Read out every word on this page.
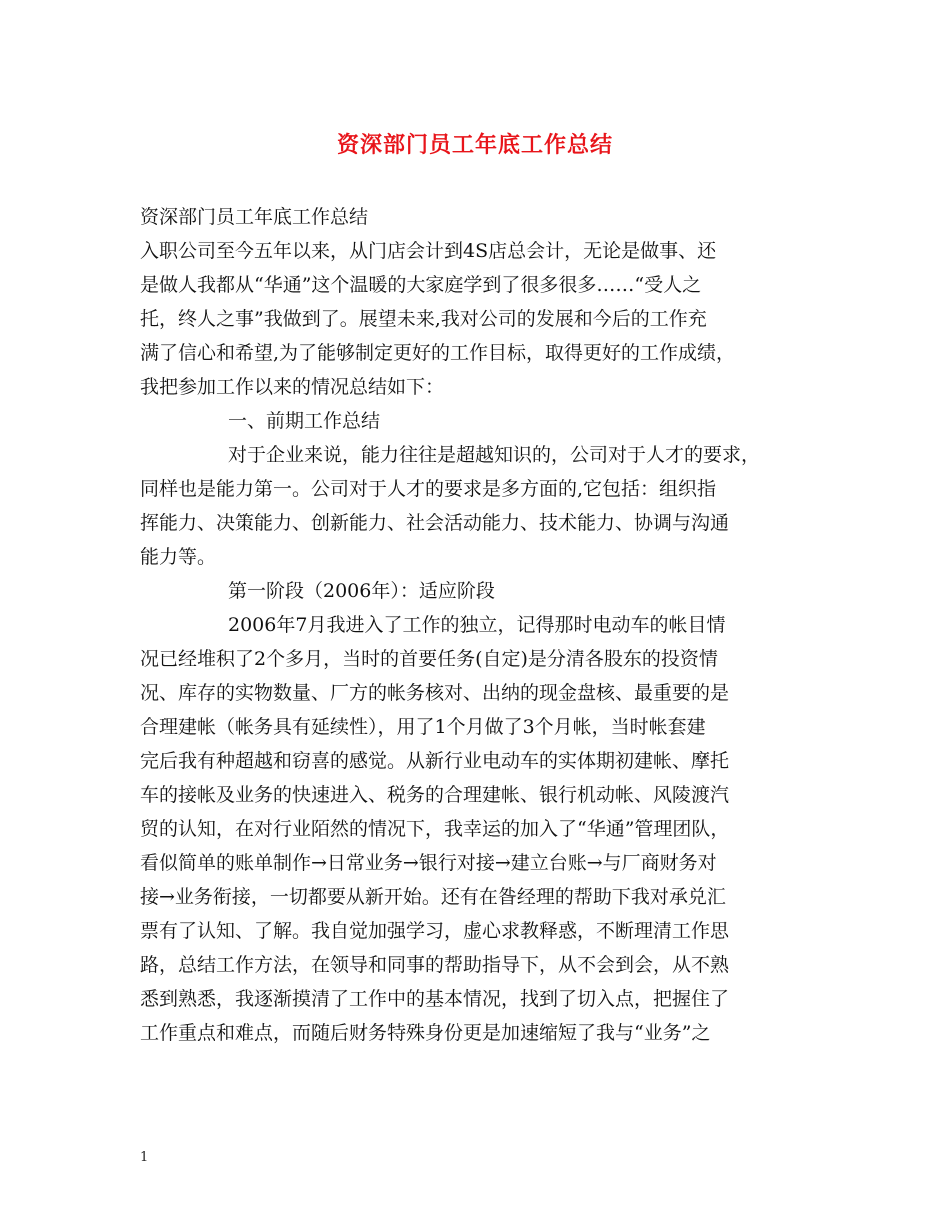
资深部门员工年底工作总结
资深部门员工年底工作总结
入职公司至今五年以来，从门店会计到4S店总会计，无论是做事、还
是做人我都从“华通”这个温暖的大家庭学到了很多很多……“受人之
托，终人之事”我做到了。展望未来,我对公司的发展和今后的工作充
满了信心和希望,为了能够制定更好的工作目标，取得更好的工作成绩，
我把参加工作以来的情况总结如下：
一、前期工作总结
对于企业来说，能力往往是超越知识的，公司对于人才的要求，
同样也是能力第一。公司对于人才的要求是多方面的,它包括：组织指
挥能力、决策能力、创新能力、社会活动能力、技术能力、协调与沟通
能力等。
第一阶段（2006年）：适应阶段
2006年7月我进入了工作的独立，记得那时电动车的帐目情
况已经堆积了2个多月，当时的首要任务(自定)是分清各股东的投资情
况、库存的实物数量、厂方的帐务核对、出纳的现金盘核、最重要的是
合理建帐（帐务具有延续性），用了1个月做了3个月帐，当时帐套建
完后我有种超越和窃喜的感觉。从新行业电动车的实体期初建帐、摩托
车的接帐及业务的快速进入、税务的合理建帐、银行机动帐、风陵渡汽
贸的认知，在对行业陌然的情况下，我幸运的加入了“华通”管理团队，
看似简单的账单制作→日常业务→银行对接→建立台账→与厂商财务对
接→业务衔接，一切都要从新开始。还有在昝经理的帮助下我对承兑汇
票有了认知、了解。我自觉加强学习，虚心求教释惑，不断理清工作思
路，总结工作方法，在领导和同事的帮助指导下，从不会到会，从不熟
悉到熟悉，我逐渐摸清了工作中的基本情况，找到了切入点，把握住了
工作重点和难点，而随后财务特殊身份更是加速缩短了我与“业务”之
1
